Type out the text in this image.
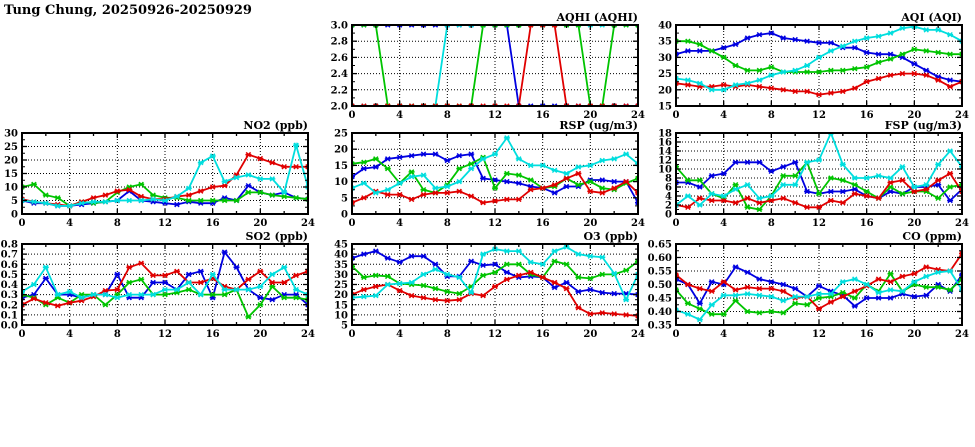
Tung Chung, 20250926-20250929
0	4	8	12	16	20	24
2.0
2.2
2.4
2.6
2.8
3.0
AQHI (AQHI)
0	4	8	12	16	20	24
15
20
25
30
35
40
AQI (AQI)
0	4	8	12	16	20	24
0
5
10
15
20
25
30
NO2 (ppb)
0	4	8	12	16	20	24
0
5
10
15
20
25
RSP (ug/m3)
0	4	8	12	16	20	24
0
2
4
6
8
10
12
14
16
18
FSP (ug/m3)
0	4	8	12	16	20	24
0.0
0.1
0.2
0.3
0.4
0.5
0.6
0.7
0.8
SO2 (ppb)
0	4	8	12	16	20	24
5
10
15
20
25
30
35
40
45
O3 (ppb)
0	4	8	12	16	20	24
0.35
0.40
0.45
0.50
0.55
0.60
0.65
CO (ppm)
